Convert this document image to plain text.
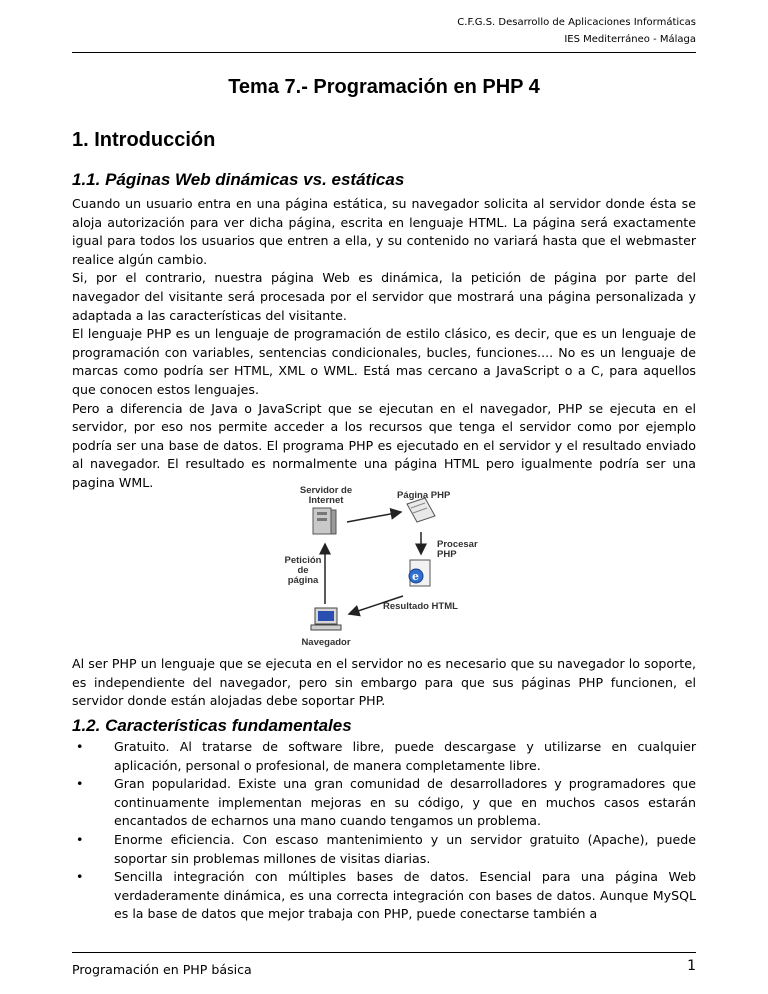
C.F.G.S. Desarrollo de Aplicaciones Informáticas
IES Mediterráneo - Málaga
Tema 7.- Programación en PHP 4
1. Introducción
1.1. Páginas Web dinámicas vs. estáticas

Cuando un usuario entra en una página estática, su navegador solicita al servidor donde ésta se aloja autorización para ver dicha página, escrita en lenguaje HTML. La página será exactamente igual para todos los usuarios que entren a ella, y su contenido no variará hasta que el webmaster realice algún cambio.

Si, por el contrario, nuestra página Web es dinámica, la petición de página por parte del navegador del visitante será procesada por el servidor que mostrará una página personalizada y adaptada a las características del visitante.

El lenguaje PHP es un lenguaje de programación de estilo clásico, es decir, que es un lenguaje de programación con variables, sentencias condicionales, bucles, funciones.... No es un lenguaje de marcas como podría ser HTML, XML o WML. Está mas cercano a JavaScript o a C, para aquellos que conocen estos lenguajes.

Pero a diferencia de Java o JavaScript que se ejecutan en el navegador, PHP se ejecuta en el servidor, por eso nos permite acceder a los recursos que tenga el servidor como por ejemplo podría ser una base de datos. El programa PHP es ejecutado en el servidor y el resultado enviado al navegador. El resultado es normalmente una página HTML pero igualmente podría ser una pagina WML.

e
Servidor de Internet	Página PHP
Procesar PHP
Petición de página
Resultado HTML
Navegador

Al ser PHP un lenguaje que se ejecuta en el servidor no es necesario que su navegador lo soporte, es independiente del navegador, pero sin embargo para que sus páginas PHP funcionen, el servidor donde están alojadas debe soportar PHP.

1.2. Características fundamentales
• Gratuito. Al tratarse de software libre, puede descargase y utilizarse en cualquier aplicación, personal o profesional, de manera completamente libre.
• Gran popularidad. Existe una gran comunidad de desarrolladores y programadores que continuamente implementan mejoras en su código, y que en muchos casos estarán encantados de echarnos una mano cuando tengamos un problema.
• Enorme eficiencia. Con escaso mantenimiento y un servidor gratuito (Apache), puede soportar sin problemas millones de visitas diarias.
• Sencilla integración con múltiples bases de datos. Esencial para una página Web verdaderamente dinámica, es una correcta integración con bases de datos. Aunque MySQL es la base de datos que mejor trabaja con PHP, puede conectarse también a
Programación en PHP básica	1
